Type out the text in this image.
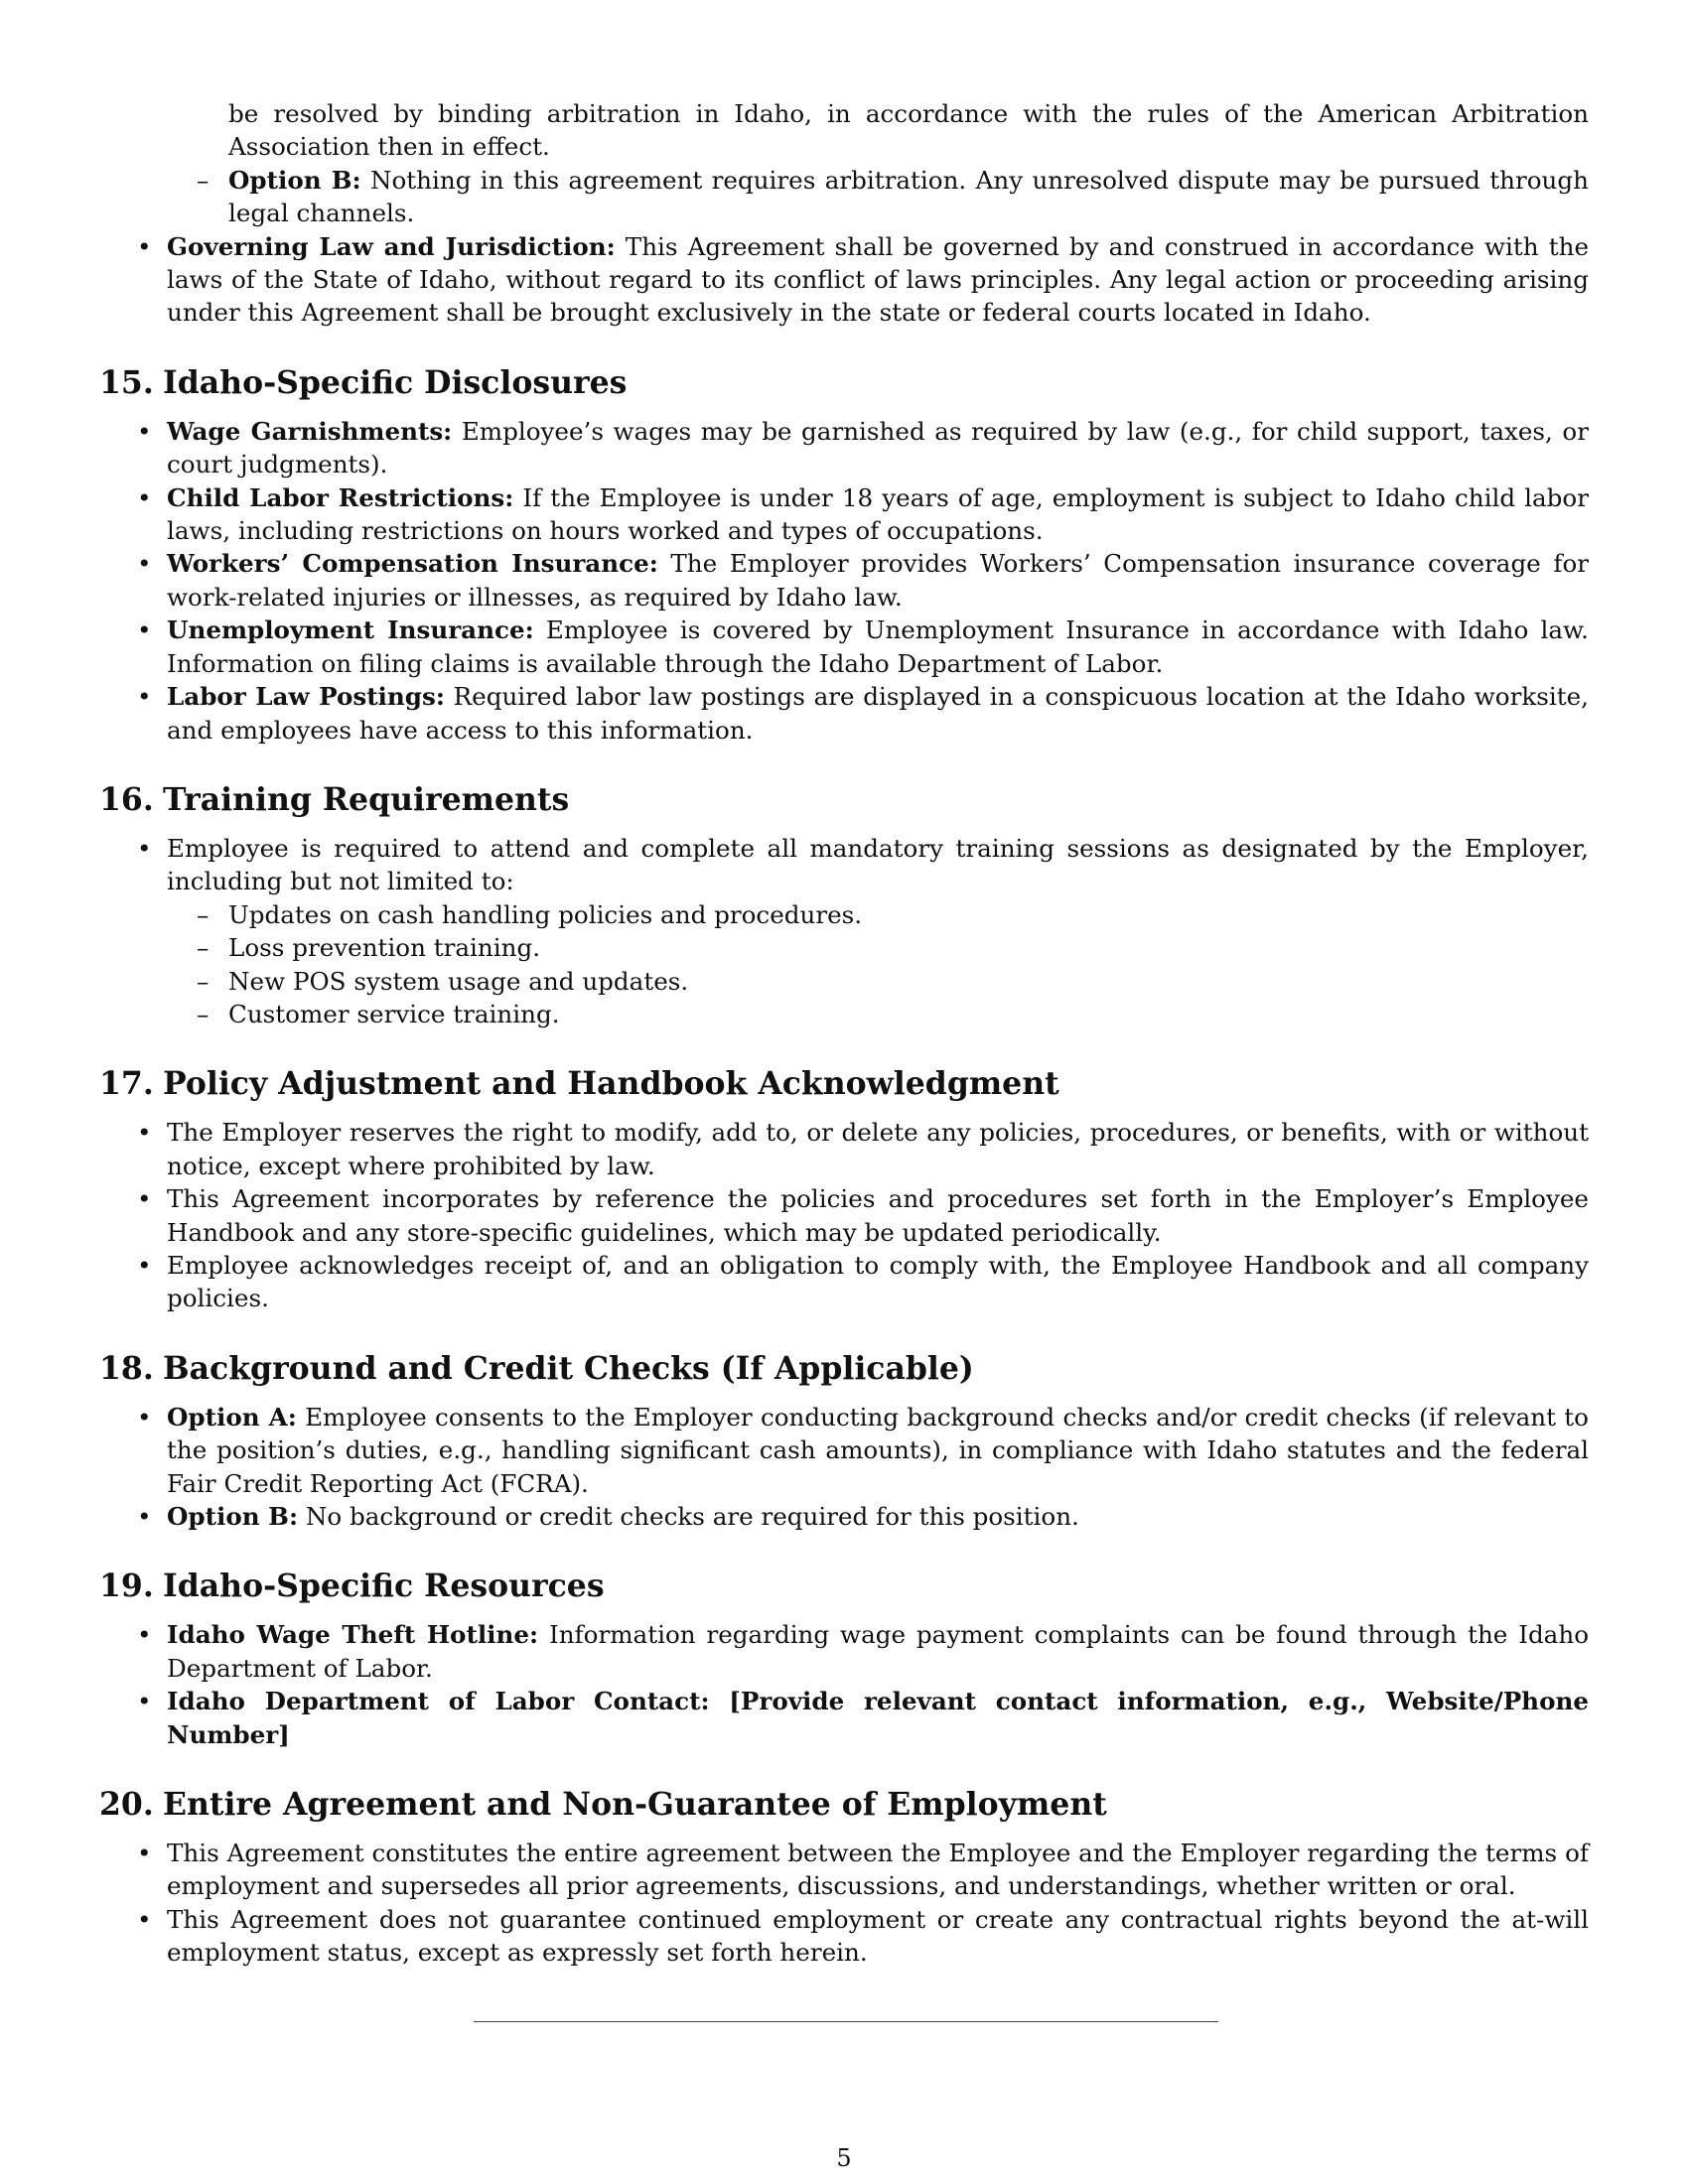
be resolved by binding arbitration in Idaho, in accordance with the rules of the American Arbitration Association then in effect.
– Option B: Nothing in this agreement requires arbitration. Any unresolved dispute may be pursued through legal channels.
• Governing Law and Jurisdiction: This Agreement shall be governed by and construed in accordance with the laws of the State of Idaho, without regard to its conflict of laws principles. Any legal action or proceeding arising under this Agreement shall be brought exclusively in the state or federal courts located in Idaho.
15. Idaho-Specific Disclosures
• Wage Garnishments: Employee’s wages may be garnished as required by law (e.g., for child support, taxes, or court judgments).
• Child Labor Restrictions: If the Employee is under 18 years of age, employment is subject to Idaho child labor laws, including restrictions on hours worked and types of occupations.
• Workers’ Compensation Insurance: The Employer provides Workers’ Compensation insurance coverage for work-related injuries or illnesses, as required by Idaho law.
• Unemployment Insurance: Employee is covered by Unemployment Insurance in accordance with Idaho law. Information on filing claims is available through the Idaho Department of Labor.
• Labor Law Postings: Required labor law postings are displayed in a conspicuous location at the Idaho worksite, and employees have access to this information.
16. Training Requirements
• Employee is required to attend and complete all mandatory training sessions as designated by the Employer, including but not limited to:
– Updates on cash handling policies and procedures.
– Loss prevention training.
– New POS system usage and updates.
– Customer service training.
17. Policy Adjustment and Handbook Acknowledgment
• The Employer reserves the right to modify, add to, or delete any policies, procedures, or benefits, with or without notice, except where prohibited by law.
• This Agreement incorporates by reference the policies and procedures set forth in the Employer’s Employee Handbook and any store-specific guidelines, which may be updated periodically.
• Employee acknowledges receipt of, and an obligation to comply with, the Employee Handbook and all company policies.
18. Background and Credit Checks (If Applicable)
• Option A: Employee consents to the Employer conducting background checks and/or credit checks (if relevant to the position’s duties, e.g., handling significant cash amounts), in compliance with Idaho statutes and the federal Fair Credit Reporting Act (FCRA).
• Option B: No background or credit checks are required for this position.
19. Idaho-Specific Resources
• Idaho Wage Theft Hotline: Information regarding wage payment complaints can be found through the Idaho Department of Labor.
• Idaho Department of Labor Contact: [Provide relevant contact information, e.g., Website/Phone Number]
20. Entire Agreement and Non-Guarantee of Employment
• This Agreement constitutes the entire agreement between the Employee and the Employer regarding the terms of employment and supersedes all prior agreements, discussions, and understandings, whether written or oral.
• This Agreement does not guarantee continued employment or create any contractual rights beyond the at-will employment status, except as expressly set forth herein.
5
